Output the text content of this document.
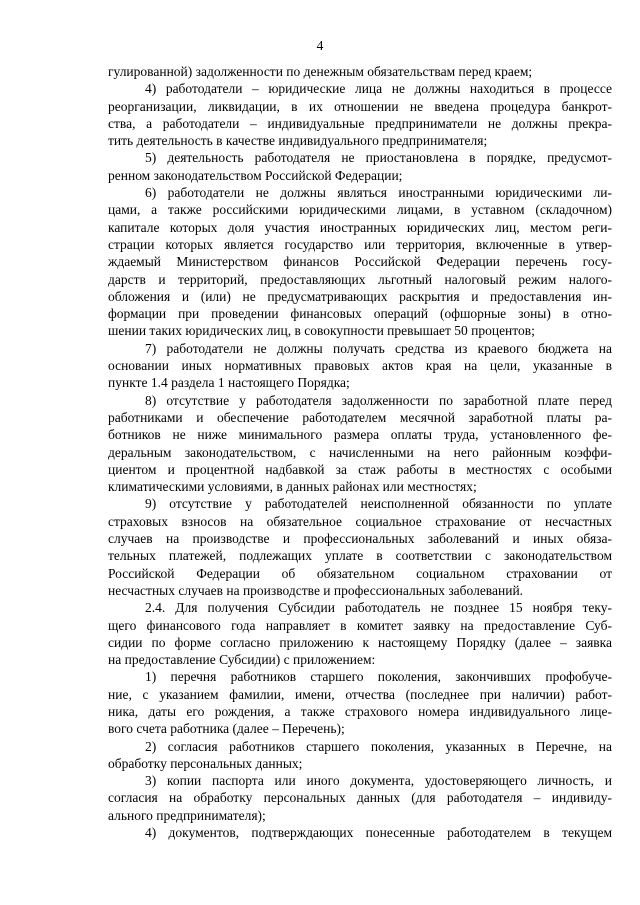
4
гулированной) задолженности по денежным обязательствам перед краем;
4) работодатели – юридические лица не должны находиться в процессе
реорганизации, ликвидации, в их отношении не введена процедура банкрот-
ства, а работодатели – индивидуальные предприниматели не должны прекра-
тить деятельность в качестве индивидуального предпринимателя;
5) деятельность работодателя не приостановлена в порядке, предусмот-
ренном законодательством Российской Федерации;
6) работодатели не должны являться иностранными юридическими ли-
цами, а также российскими юридическими лицами, в уставном (складочном)
капитале которых доля участия иностранных юридических лиц, местом реги-
страции которых является государство или территория, включенные в утвер-
ждаемый Министерством финансов Российской Федерации перечень госу-
дарств и территорий, предоставляющих льготный налоговый режим налого-
обложения и (или) не предусматривающих раскрытия и предоставления ин-
формации при проведении финансовых операций (офшорные зоны) в отно-
шении таких юридических лиц, в совокупности превышает 50 процентов;
7) работодатели не должны получать средства из краевого бюджета на
основании иных нормативных правовых актов края на цели, указанные в
пункте 1.4 раздела 1 настоящего Порядка;
8) отсутствие у работодателя задолженности по заработной плате перед
работниками и обеспечение работодателем месячной заработной платы ра-
ботников не ниже минимального размера оплаты труда, установленного фе-
деральным законодательством, с начисленными на него районным коэффи-
циентом и процентной надбавкой за стаж работы в местностях с особыми
климатическими условиями, в данных районах или местностях;
9) отсутствие у работодателей неисполненной обязанности по уплате
страховых взносов на обязательное социальное страхование от несчастных
случаев на производстве и профессиональных заболеваний и иных обяза-
тельных платежей, подлежащих уплате в соответствии с законодательством
Российской Федерации об обязательном социальном страховании от
несчастных случаев на производстве и профессиональных заболеваний.
2.4. Для получения Субсидии работодатель не позднее 15 ноября теку-
щего финансового года направляет в комитет заявку на предоставление Суб-
сидии по форме согласно приложению к настоящему Порядку (далее – заявка
на предоставление Субсидии) с приложением:
1) перечня работников старшего поколения, закончивших профобуче-
ние, с указанием фамилии, имени, отчества (последнее при наличии) работ-
ника, даты его рождения, а также страхового номера индивидуального лице-
вого счета работника (далее – Перечень);
2) согласия работников старшего поколения, указанных в Перечне, на
обработку персональных данных;
3) копии паспорта или иного документа, удостоверяющего личность, и
согласия на обработку персональных данных (для работодателя – индивиду-
ального предпринимателя);
4) документов, подтверждающих понесенные работодателем в текущем
